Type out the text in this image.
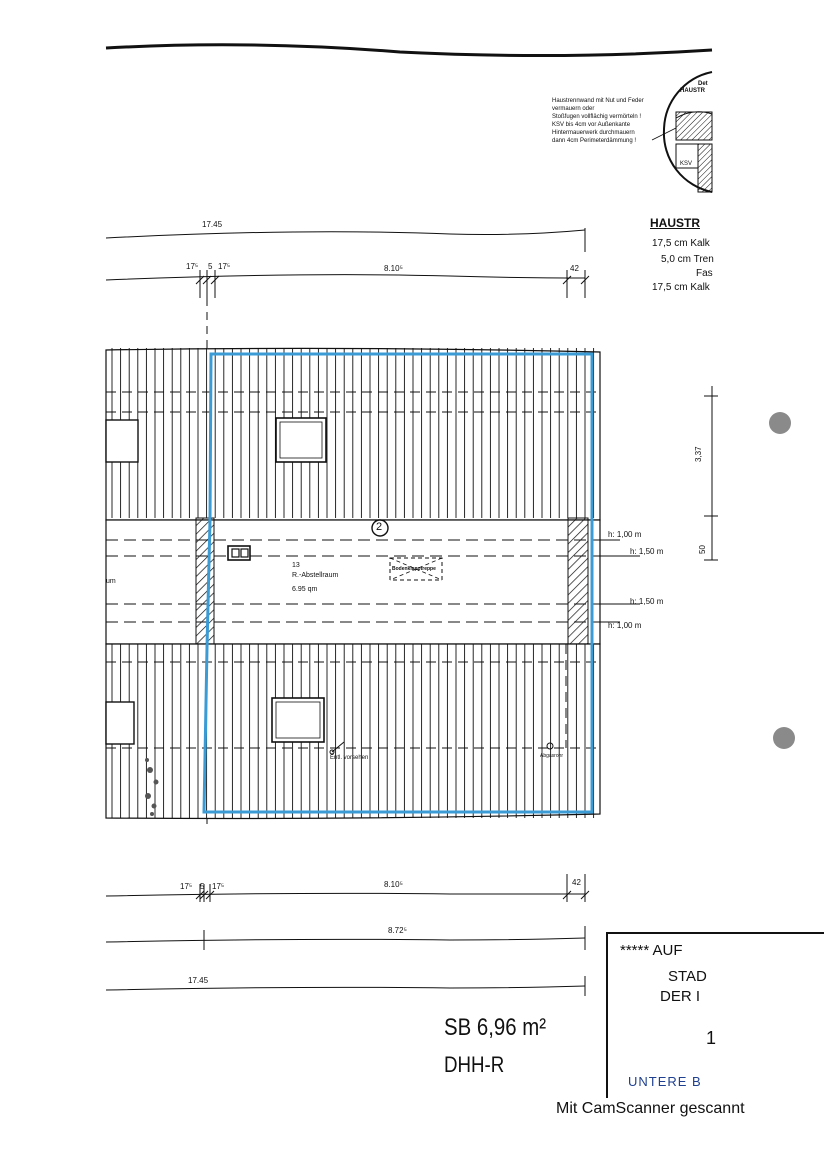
Det
HAUSTR
Haustrennwand mit Nut und Feder
vermauern oder
Stoßfugen vollflächig vermörteln !
KSV bis 4cm vor Außenkante
Hintermauerwerk durchmauern
dann 4cm Perimeterdämmung !
KSV
HAUSTR
17,5 cm Kalk
5,0 cm Tren
Fas
17,5 cm Kalk
17.45
17⁵ 5 17⁵	8.10⁵	42
3,37
50
2
13
R.-Abstellraum
6.95 qm
Bodenklapptreppe
um
h: 1,00 m
h: 1,50 m
h: 1,50 m
h: 1,00 m
Entl. vorsehen	Abgasrohr
17⁵ 5 17⁵	8.10⁵	42
8.72⁵
17.45
SB 6,96 m²
DHH-R
***** AUF
STAD
DER I
1
UNTERE B
Mit CamScanner gescannt
